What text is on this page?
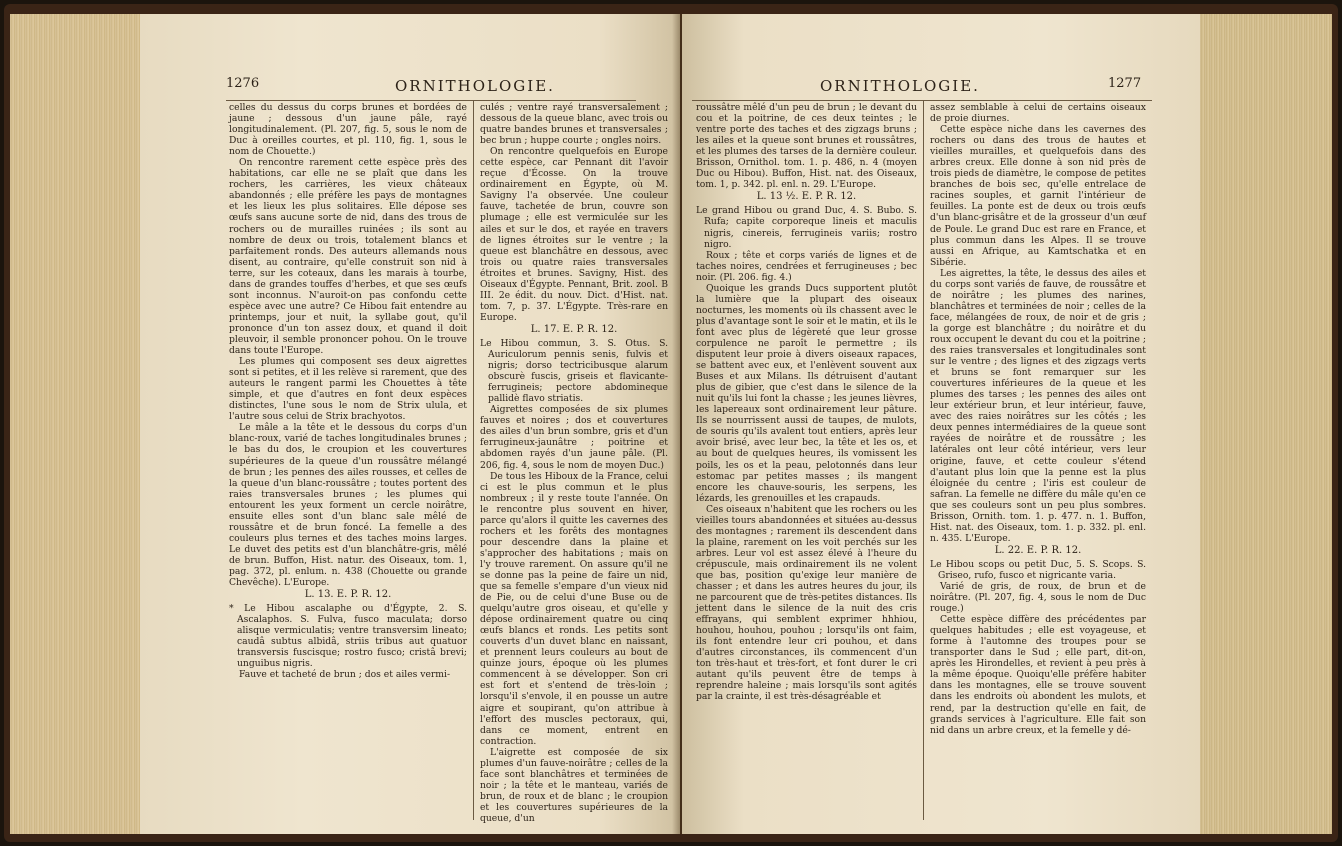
1276	ORNITHOLOGIE.

celles du dessus du corps brunes et bordées de jaune ; dessous d'un jaune pâle, rayé longitudinalement. (Pl. 207, fig. 5, sous le nom de Duc à oreilles courtes, et pl. 110, fig. 1, sous le nom de Chouette.)

On rencontre rarement cette espèce près des habitations, car elle ne se plaît que dans les rochers, les carrières, les vieux châteaux abandonnés ; elle préfère les pays de montagnes et les lieux les plus solitaires. Elle dépose ses œufs sans aucune sorte de nid, dans des trous de rochers ou de murailles ruinées ; ils sont au nombre de deux ou trois, totalement blancs et parfaitement ronds. Des auteurs allemands nous disent, au contraire, qu'elle construit son nid à terre, sur les coteaux, dans les marais à tourbe, dans de grandes touffes d'herbes, et que ses œufs sont inconnus. N'auroit-on pas confondu cette espèce avec une autre? Ce Hibou fait entendre au printemps, jour et nuit, la syllabe gout, qu'il prononce d'un ton assez doux, et quand il doit pleuvoir, il semble prononcer pohou. On le trouve dans toute l'Europe.

Les plumes qui composent ses deux aigrettes sont si petites, et il les relève si rarement, que des auteurs le rangent parmi les Chouettes à tête simple, et que d'autres en font deux espèces distinctes, l'une sous le nom de Strix ulula, et l'autre sous celui de Strix brachyotos.

Le mâle a la tête et le dessous du corps d'un blanc-roux, varié de taches longitudinales brunes ; le bas du dos, le croupion et les couvertures supérieures de la queue d'un roussâtre mélangé de brun ; les pennes des ailes rousses, et celles de la queue d'un blanc-roussâtre ; toutes portent des raies transversales brunes ; les plumes qui entourent les yeux forment un cercle noirâtre, ensuite elles sont d'un blanc sale mêlé de roussâtre et de brun foncé. La femelle a des couleurs plus ternes et des taches moins larges. Le duvet des petits est d'un blanchâtre-gris, mêlé de brun. Buffon, Hist. natur. des Oiseaux, tom. 1, pag. 372, pl. enlum. n. 438 (Chouette ou grande Chevêche). L'Europe.

L. 13. E. P. R. 12.

* Le Hibou ascalaphe ou d'Égypte, 2. S. Ascalaphos. S. Fulva, fusco maculata; dorso alisque vermiculatis; ventre transversim lineato; caudâ subtus albidâ, striis tribus aut quatuor transversis fuscisque; rostro fusco; cristâ brevi; unguibus nigris.

Fauve et tacheté de brun ; dos et ailes vermi-

culés ; ventre rayé transversalement ; dessous de la queue blanc, avec trois ou quatre bandes brunes et transversales ; bec brun ; huppe courte ; ongles noirs.

On rencontre quelquefois en Europe cette espèce, car Pennant dit l'avoir reçue d'Écosse. On la trouve ordinairement en Égypte, où M. Savigny l'a observée. Une couleur fauve, tachetée de brun, couvre son plumage ; elle est vermiculée sur les ailes et sur le dos, et rayée en travers de lignes étroites sur le ventre ; la queue est blanchâtre en dessous, avec trois ou quatre raies transversales étroites et brunes. Savigny, Hist. des Oiseaux d'Égypte. Pennant, Brit. zool. B III. 2e édit. du nouv. Dict. d'Hist. nat. tom. 7, p. 37. L'Égypte. Très-rare en Europe.

L. 17. E. P. R. 12.

Le Hibou commun, 3. S. Otus. S. Auriculorum pennis senis, fulvis et nigris; dorso tectricibusque alarum obscurè fuscis, griseis et flavicante-ferrugineis; pectore abdomineque pallidè flavo striatis.

Aigrettes composées de six plumes fauves et noires ; dos et couvertures des ailes d'un brun sombre, gris et d'un ferrugineux-jaunâtre ; poitrine et abdomen rayés d'un jaune pâle. (Pl. 206, fig. 4, sous le nom de moyen Duc.)

De tous les Hiboux de la France, celui ci est le plus commun et le plus nombreux ; il y reste toute l'année. On le rencontre plus souvent en hiver, parce qu'alors il quitte les cavernes des rochers et les forêts des montagnes pour descendre dans la plaine et s'approcher des habitations ; mais on l'y trouve rarement. On assure qu'il ne se donne pas la peine de faire un nid, que sa femelle s'empare d'un vieux nid de Pie, ou de celui d'une Buse ou de quelqu'autre gros oiseau, et qu'elle y dépose ordinairement quatre ou cinq œufs blancs et ronds. Les petits sont couverts d'un duvet blanc en naissant, et prennent leurs couleurs au bout de quinze jours, époque où les plumes commencent à se développer. Son cri est fort et s'entend de très-loin ; lorsqu'il s'envole, il en pousse un autre aigre et soupirant, qu'on attribue à l'effort des muscles pectoraux, qui, dans ce moment, entrent en contraction.

L'aigrette est composée de six plumes d'un fauve-noirâtre ; celles de la face sont blanchâtres et terminées de noir ; la tête et le manteau, variés de brun, de roux et de blanc ; le croupion et les couvertures supérieures de la queue, d'un

ORNITHOLOGIE.	1277

roussâtre mêlé d'un peu de brun ; le devant du cou et la poitrine, de ces deux teintes ; le ventre porte des taches et des zigzags bruns ; les ailes et la queue sont brunes et roussâtres, et les plumes des tarses de la dernière couleur. Brisson, Ornithol. tom. 1. p. 486, n. 4 (moyen Duc ou Hibou). Buffon, Hist. nat. des Oiseaux, tom. 1, p. 342. pl. enl. n. 29. L'Europe.

L. 13 ½. E. P. R. 12.

Le grand Hibou ou grand Duc, 4. S. Bubo. S. Rufa; capite corporeque lineis et maculis nigris, cinereis, ferrugineis variis; rostro nigro.

Roux ; tête et corps variés de lignes et de taches noires, cendrées et ferrugineuses ; bec noir. (Pl. 206. fig. 4.)

Quoique les grands Ducs supportent plutôt la lumière que la plupart des oiseaux nocturnes, les moments où ils chassent avec le plus d'avantage sont le soir et le matin, et ils le font avec plus de légèreté que leur grosse corpulence ne paroît le permettre ; ils disputent leur proie à divers oiseaux rapaces, se battent avec eux, et l'enlèvent souvent aux Buses et aux Milans. Ils détruisent d'autant plus de gibier, que c'est dans le silence de la nuit qu'ils lui font la chasse ; les jeunes lièvres, les lapereaux sont ordinairement leur pâture. Ils se nourrissent aussi de taupes, de mulots, de souris qu'ils avalent tout entiers, après leur avoir brisé, avec leur bec, la tête et les os, et au bout de quelques heures, ils vomissent les poils, les os et la peau, pelotonnés dans leur estomac par petites masses ; ils mangent encore les chauve-souris, les serpens, les lézards, les grenouilles et les crapauds.

Ces oiseaux n'habitent que les rochers ou les vieilles tours abandonnées et situées au-dessus des montagnes ; rarement ils descendent dans la plaine, rarement on les voit perchés sur les arbres. Leur vol est assez élevé à l'heure du crépuscule, mais ordinairement ils ne volent que bas, position qu'exige leur manière de chasser ; et dans les autres heures du jour, ils ne parcourent que de très-petites distances. Ils jettent dans le silence de la nuit des cris effrayans, qui semblent exprimer hhhiou, houhou, houhou, pouhou ; lorsqu'ils ont faim, ils font entendre leur cri pouhou, et dans d'autres circonstances, ils commencent d'un ton très-haut et très-fort, et font durer le cri autant qu'ils peuvent être de temps à reprendre haleine ; mais lorsqu'ils sont agités par la crainte, il est très-désagréable et

assez semblable à celui de certains oiseaux de proie diurnes.

Cette espèce niche dans les cavernes des rochers ou dans des trous de hautes et vieilles murailles, et quelquefois dans des arbres creux. Elle donne à son nid près de trois pieds de diamètre, le compose de petites branches de bois sec, qu'elle entrelace de racines souples, et garnit l'intérieur de feuilles. La ponte est de deux ou trois œufs d'un blanc-grisâtre et de la grosseur d'un œuf de Poule. Le grand Duc est rare en France, et plus commun dans les Alpes. Il se trouve aussi en Afrique, au Kamtschatka et en Sibérie.

Les aigrettes, la tête, le dessus des ailes et du corps sont variés de fauve, de roussâtre et de noirâtre ; les plumes des narines, blanchâtres et terminées de noir ; celles de la face, mélangées de roux, de noir et de gris ; la gorge est blanchâtre ; du noirâtre et du roux occupent le devant du cou et la poitrine ; des raies transversales et longitudinales sont sur le ventre ; des lignes et des zigzags verts et bruns se font remarquer sur les couvertures inférieures de la queue et les plumes des tarses ; les pennes des ailes ont leur extérieur brun, et leur intérieur, fauve, avec des raies noirâtres sur les côtés ; les deux pennes intermédiaires de la queue sont rayées de noirâtre et de roussâtre ; les latérales ont leur côté intérieur, vers leur origine, fauve, et cette couleur s'étend d'autant plus loin que la penne est la plus éloignée du centre ; l'iris est couleur de safran. La femelle ne diffère du mâle qu'en ce que ses couleurs sont un peu plus sombres. Brisson, Ornith. tom. 1. p. 477. n. 1. Buffon, Hist. nat. des Oiseaux, tom. 1. p. 332. pl. enl. n. 435. L'Europe.

L. 22. E. P. R. 12.

Le Hibou scops ou petit Duc, 5. S. Scops. S. Griseo, rufo, fusco et nigricante varia.

Varié de gris, de roux, de brun et de noirâtre. (Pl. 207, fig. 4, sous le nom de Duc rouge.)

Cette espèce diffère des précédentes par quelques habitudes ; elle est voyageuse, et forme à l'automne des troupes pour se transporter dans le Sud ; elle part, dit-on, après les Hirondelles, et revient à peu près à la même époque. Quoiqu'elle préfère habiter dans les montagnes, elle se trouve souvent dans les endroits où abondent les mulots, et rend, par la destruction qu'elle en fait, de grands services à l'agriculture. Elle fait son nid dans un arbre creux, et la femelle y dé-
